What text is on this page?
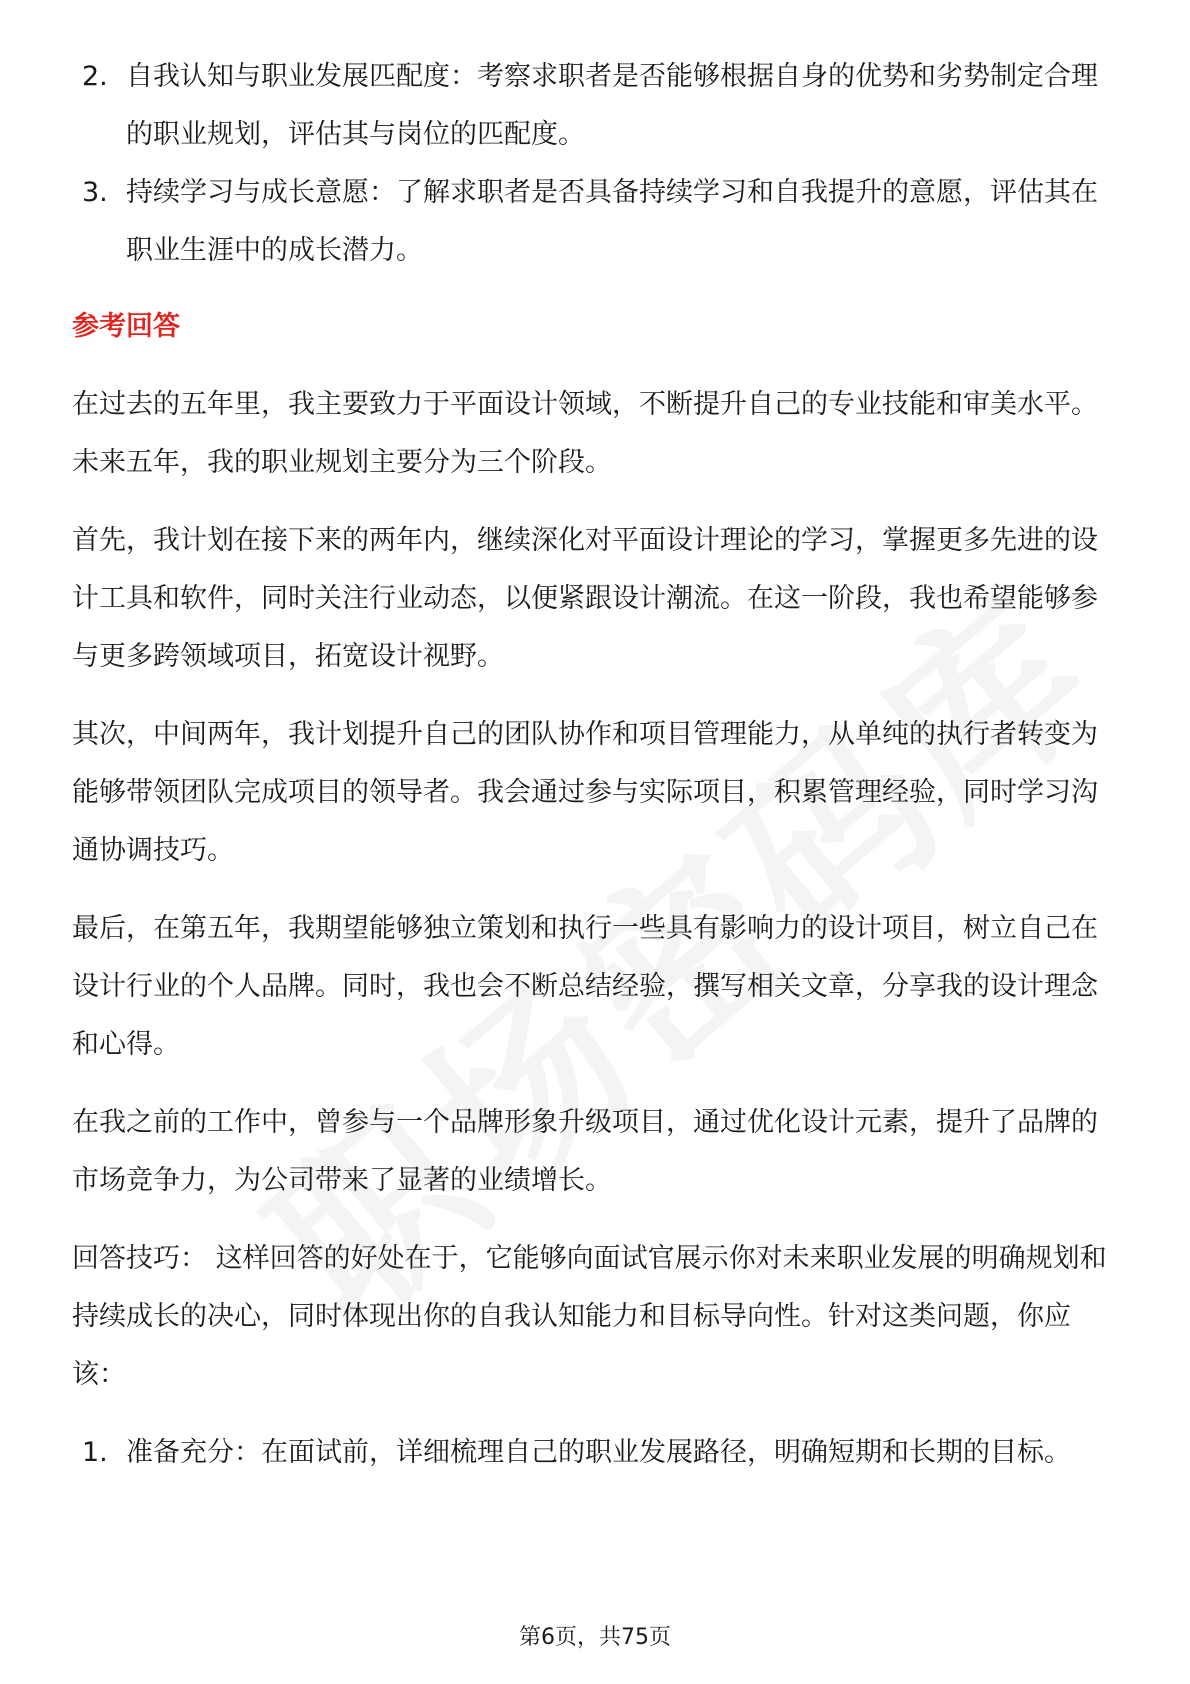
2. 自我认知与职业发展匹配度：考察求职者是否能够根据自身的优势和劣势制定合理的职业规划，评估其与岗位的匹配度。
3. 持续学习与成长意愿：了解求职者是否具备持续学习和自我提升的意愿，评估其在职业生涯中的成长潜力。
参考回答
在过去的五年里，我主要致力于平面设计领域，不断提升自己的专业技能和审美水平。未来五年，我的职业规划主要分为三个阶段。
首先，我计划在接下来的两年内，继续深化对平面设计理论的学习，掌握更多先进的设计工具和软件，同时关注行业动态，以便紧跟设计潮流。在这一阶段，我也希望能够参与更多跨领域项目，拓宽设计视野。
其次，中间两年，我计划提升自己的团队协作和项目管理能力，从单纯的执行者转变为能够带领团队完成项目的领导者。我会通过参与实际项目，积累管理经验，同时学习沟通协调技巧。
最后，在第五年，我期望能够独立策划和执行一些具有影响力的设计项目，树立自己在设计行业的个人品牌。同时，我也会不断总结经验，撰写相关文章，分享我的设计理念和心得。
在我之前的工作中，曾参与一个品牌形象升级项目，通过优化设计元素，提升了品牌的市场竞争力，为公司带来了显著的业绩增长。
回答技巧： 这样回答的好处在于，它能够向面试官展示你对未来职业发展的明确规划和持续成长的决心，同时体现出你的自我认知能力和目标导向性。针对这类问题，你应该：
1. 准备充分：在面试前，详细梳理自己的职业发展路径，明确短期和长期的目标。
第6页，共75页
